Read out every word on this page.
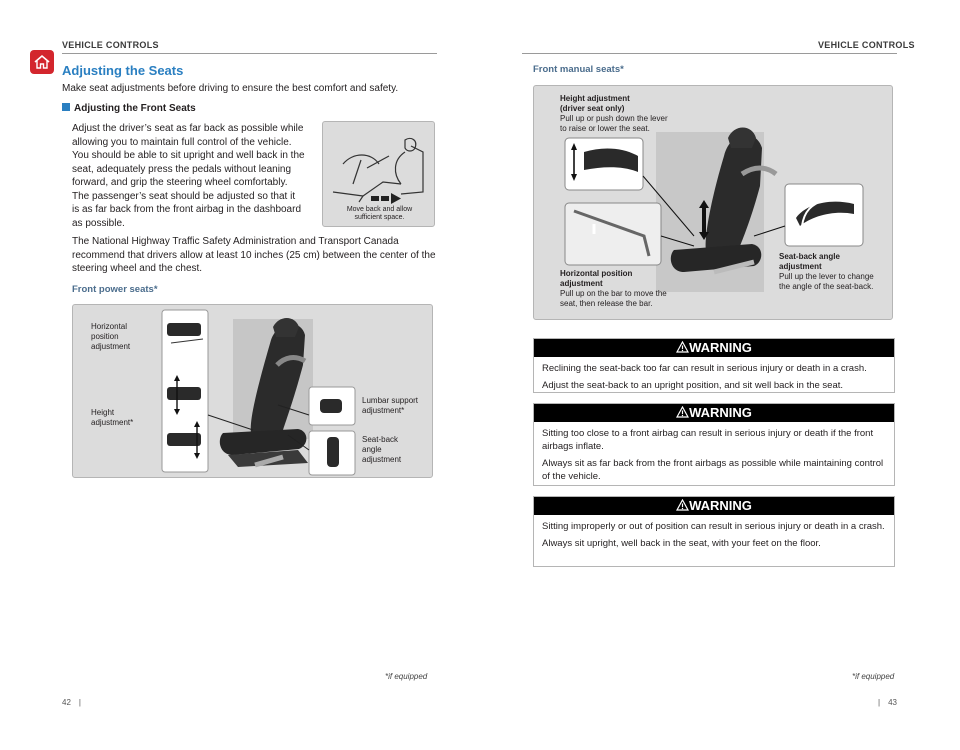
VEHICLE CONTROLS
Adjusting the Seats
Make seat adjustments before driving to ensure the best comfort and safety.
Adjusting the Front Seats
Adjust the driver’s seat as far back as possible while
allowing you to maintain full control of the vehicle.
You should be able to sit upright and well back in the
seat, adequately press the pedals without leaning
forward, and grip the steering wheel comfortably.
The passenger’s seat should be adjusted so that it
is as far back from the front airbag in the dashboard
as possible.
Move back and allow
sufficient space.
The National Highway Traffic Safety Administration and Transport Canada
recommend that drivers allow at least 10 inches (25 cm) between the center of the
steering wheel and the chest.
Front power seats*
Horizontal
position
adjustment
Height
adjustment*
Lumbar support
adjustment*
Seat-back
angle
adjustment
*if equipped
42 |
VEHICLE CONTROLS
Front manual seats*
Height adjustment
(driver seat only)
Pull up or push down the lever
to raise or lower the seat.
Horizontal position
adjustment
Pull up on the bar to move the
seat, then release the bar.
Seat-back angle
adjustment
Pull up the lever to change
the angle of the seat-back.
WARNING

Reclining the seat-back too far can result in serious injury or death in a crash.

Adjust the seat-back to an upright position, and sit well back in the seat.

WARNING

Sitting too close to a front airbag can result in serious injury or death if the front airbags inflate.

Always sit as far back from the front airbags as possible while maintaining control of the vehicle.

WARNING

Sitting improperly or out of position can result in serious injury or death in a crash.

Always sit upright, well back in the seat, with your feet on the floor.

*if equipped
| 43
